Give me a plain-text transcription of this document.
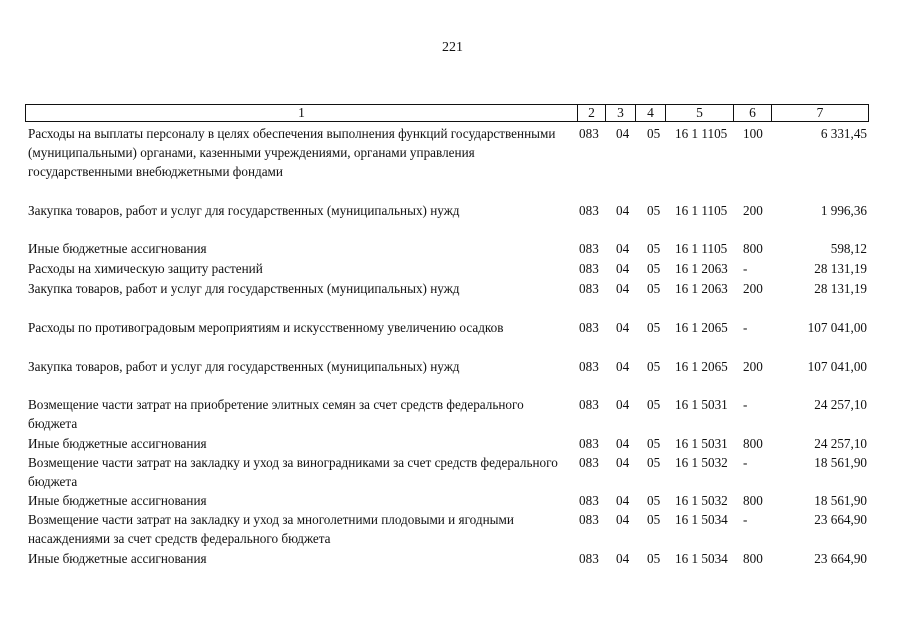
221
1	2	3	4	5	6	7
Расходы на выплаты персоналу в целях обеспечения выполнения функций государственными (муниципальными) органами, казенными учреждениями, органами управления государственными внебюджетными фондами
083 04 05 16 1 1105 100	6 331,45
Закупка товаров, работ и услуг для государственных (муниципальных) нужд	083 04 05 16 1 1105 200	1 996,36
Иные бюджетные ассигнования	083 04 05 16 1 1105 800	598,12
Расходы на химическую защиту растений	083 04 05 16 1 2063 -	28 131,19
Закупка товаров, работ и услуг для государственных (муниципальных) нужд	083 04 05 16 1 2063 200	28 131,19
Расходы по противоградовым мероприятиям и искусственному увеличению осадков	083 04 05 16 1 2065 -	107 041,00
Закупка товаров, работ и услуг для государственных (муниципальных) нужд	083 04 05 16 1 2065 200	107 041,00
Возмещение части затрат на приобретение элитных семян за счет средств федерального бюджета
083 04 05 16 1 5031 -	24 257,10
Иные бюджетные ассигнования	083 04 05 16 1 5031 800	24 257,10
Возмещение части затрат на закладку и уход за виноградниками за счет средств федерального бюджета
083 04 05 16 1 5032 -	18 561,90
Иные бюджетные ассигнования	083 04 05 16 1 5032 800	18 561,90
Возмещение части затрат на закладку и уход за многолетними плодовыми и ягодными насаждениями за счет средств федерального бюджета
083 04 05 16 1 5034 -	23 664,90
Иные бюджетные ассигнования	083 04 05 16 1 5034 800	23 664,90
